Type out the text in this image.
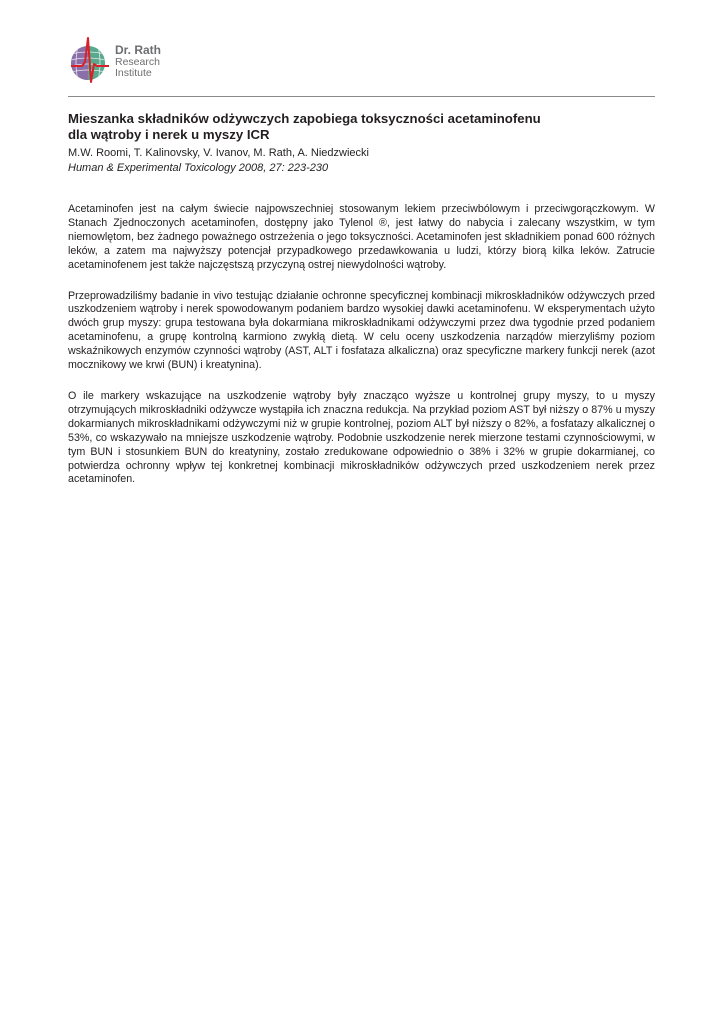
Dr. Rath
Research
Institute
Mieszanka składników odżywczych zapobiega toksyczności acetaminofenu
dla wątroby i nerek u myszy ICR

M.W. Roomi, T. Kalinovsky, V. Ivanov, M. Rath, A. Niedzwiecki

Human & Experimental Toxicology 2008, 27: 223-230

Acetaminofen jest na całym świecie najpowszechniej stosowanym lekiem przeciwbólowym i przeciwgorączkowym. W Stanach Zjednoczonych acetaminofen, dostępny jako Tylenol ®, jest łatwy do nabycia i zalecany wszystkim, w tym niemowlętom, bez żadnego poważnego ostrzeżenia o jego toksyczności. Acetaminofen jest składnikiem ponad 600 różnych leków, a zatem ma najwyższy potencjał przypadkowego przedawkowania u ludzi, którzy biorą kilka leków. Zatrucie acetaminofenem jest także najczęstszą przyczyną ostrej niewydolności wątroby.

Przeprowadziliśmy badanie in vivo testując działanie ochronne specyficznej kombinacji mikroskładników odżywczych przed uszkodzeniem wątroby i nerek spowodowanym podaniem bardzo wysokiej dawki acetaminofenu. W eksperymentach użyto dwóch grup myszy: grupa testowana była dokarmiana mikroskładnikami odżywczymi przez dwa tygodnie przed podaniem acetaminofenu, a grupę kontrolną karmiono zwykłą dietą. W celu oceny uszkodzenia narządów mierzyliśmy poziom wskaźnikowych enzymów czynności wątroby (AST, ALT i fosfataza alkaliczna) oraz specyficzne markery funkcji nerek (azot mocznikowy we krwi (BUN) i kreatynina).

O ile markery wskazujące na uszkodzenie wątroby były znacząco wyższe u kontrolnej grupy myszy, to u myszy otrzymujących mikroskładniki odżywcze wystąpiła ich znaczna redukcja. Na przykład poziom AST był niższy o 87% u myszy dokarmianych mikroskładnikami odżywczymi niż w grupie kontrolnej, poziom ALT był niższy o 82%, a fosfatazy alkalicznej o 53%, co wskazywało na mniejsze uszkodzenie wątroby. Podobnie uszkodzenie nerek mierzone testami czynnościowymi, w tym BUN i stosunkiem BUN do kreatyniny, zostało zredukowane odpowiednio o 38% i 32% w grupie dokarmianej, co potwierdza ochronny wpływ tej konkretnej kombinacji mikroskładników odżywczych przed uszkodzeniem nerek przez acetaminofen.
